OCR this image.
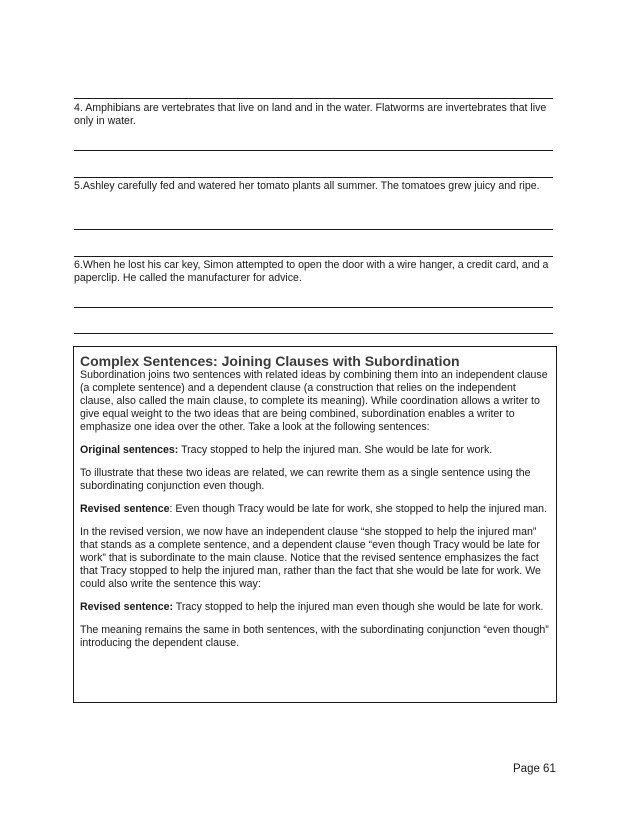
4. Amphibians are vertebrates that live on land and in the water. Flatworms are invertebrates that live only in water.
5.Ashley carefully fed and watered her tomato plants all summer. The tomatoes grew juicy and ripe.
6.When he lost his car key, Simon attempted to open the door with a wire hanger, a credit card, and a paperclip. He called the manufacturer for advice.
Complex Sentences: Joining Clauses with Subordination

Subordination joins two sentences with related ideas by combining them into an independent clause (a complete sentence) and a dependent clause (a construction that relies on the independent clause, also called the main clause, to complete its meaning). While coordination allows a writer to give equal weight to the two ideas that are being combined, subordination enables a writer to emphasize one idea over the other. Take a look at the following sentences:

Original sentences: Tracy stopped to help the injured man. She would be late for work.

To illustrate that these two ideas are related, we can rewrite them as a single sentence using the subordinating conjunction even though.

Revised sentence: Even though Tracy would be late for work, she stopped to help the injured man.

In the revised version, we now have an independent clause “she stopped to help the injured man” that stands as a complete sentence, and a dependent clause “even though Tracy would be late for work” that is subordinate to the main clause. Notice that the revised sentence emphasizes the fact that Tracy stopped to help the injured man, rather than the fact that she would be late for work. We could also write the sentence this way:

Revised sentence: Tracy stopped to help the injured man even though she would be late for work.

The meaning remains the same in both sentences, with the subordinating conjunction “even though” introducing the dependent clause.

Page 61
